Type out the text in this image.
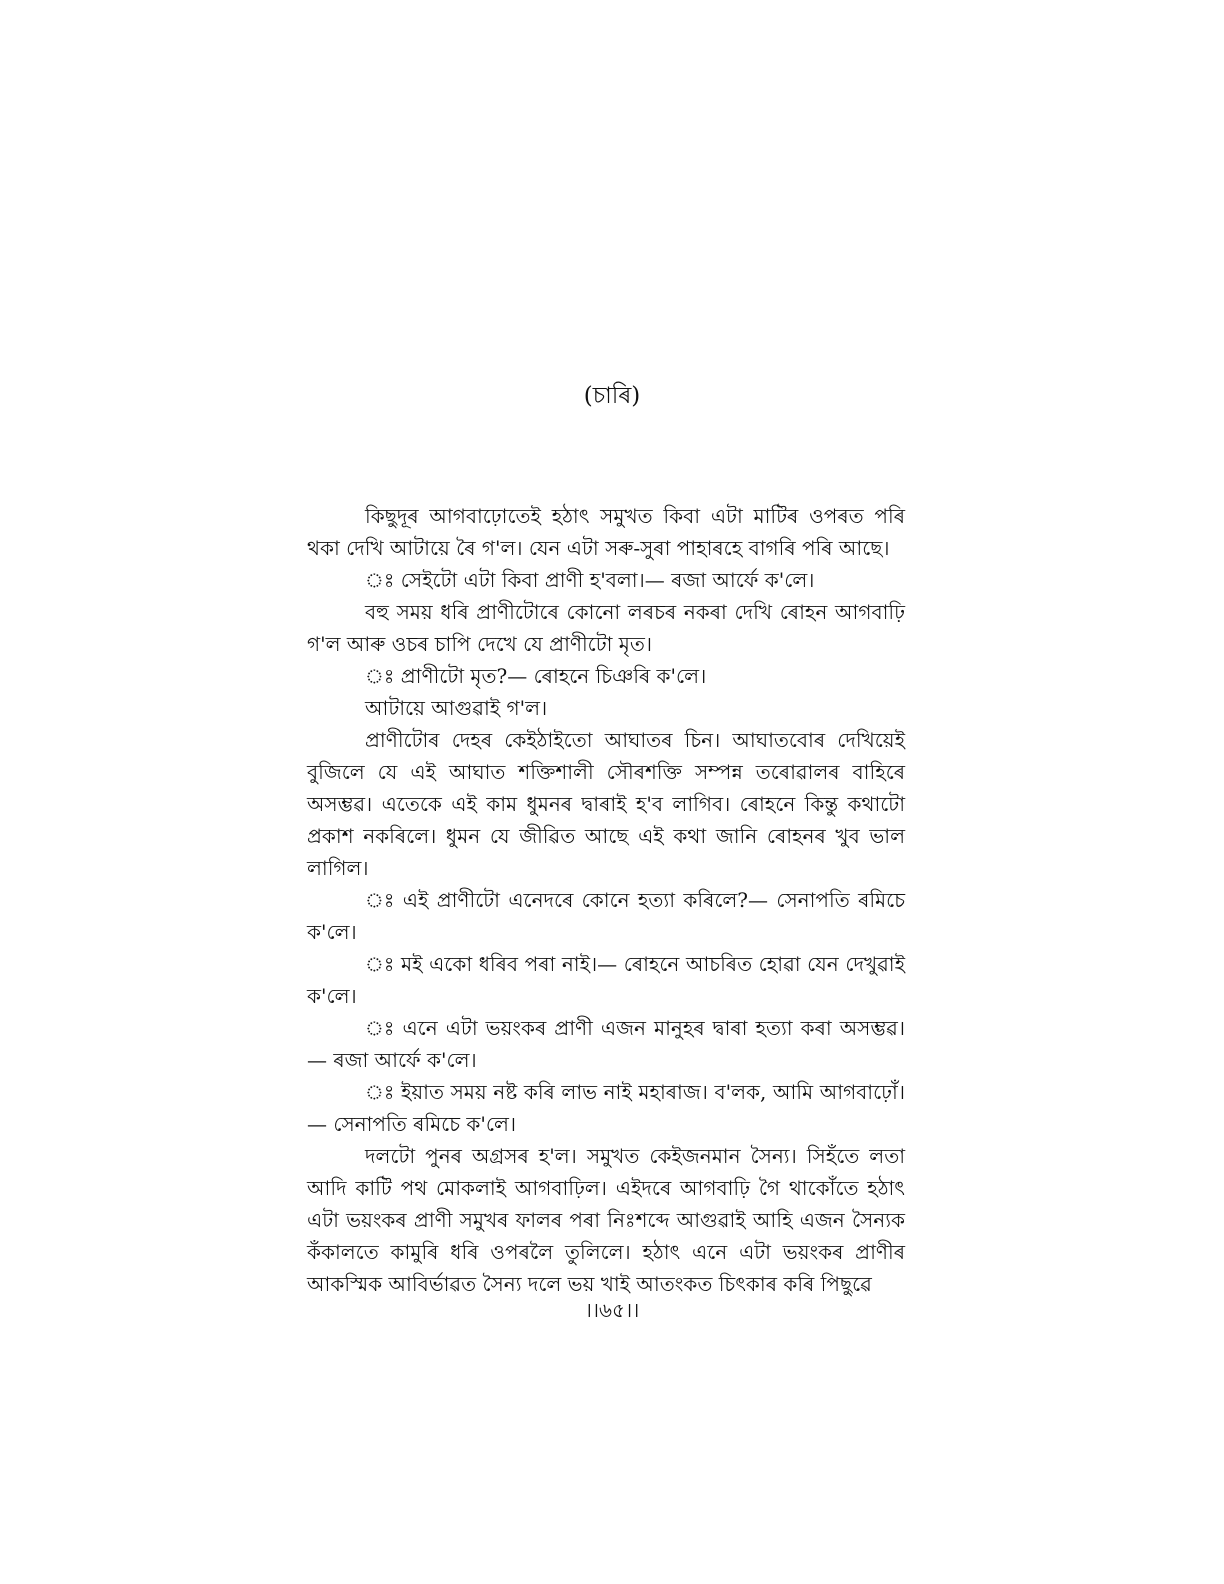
(চাৰি)

কিছুদূৰ আগবাঢ়োতেই হঠাৎ সমুখত কিবা এটা মাটিৰ ওপৰত পৰি থকা দেখি আটায়ে ৰৈ গ'ল। যেন এটা সৰু-সুৰা পাহাৰহে বাগৰি পৰি আছে।

ঃ সেইটো এটা কিবা প্ৰাণী হ'বলা।— ৰজা আৰ্ফে ক'লে।

বহু সময় ধৰি প্ৰাণীটোৰে কোনো লৰচৰ নকৰা দেখি ৰোহন আগবাঢ়ি গ'ল আৰু ওচৰ চাপি দেখে যে প্ৰাণীটো মৃত।

ঃ প্ৰাণীটো মৃত?— ৰোহনে চিঞৰি ক'লে।

আটায়ে আগুৱাই গ'ল।

প্ৰাণীটোৰ দেহৰ কেইঠাইতো আঘাতৰ চিন। আঘাতবোৰ দেখিয়েই বুজিলে যে এই আঘাত শক্তিশালী সৌৰশক্তি সম্পন্ন তৰোৱালৰ বাহিৰে অসম্ভৱ। এতেকে এই কাম ধুমনৰ দ্বাৰাই হ'ব লাগিব। ৰোহনে কিন্তু কথাটো প্ৰকাশ নকৰিলে। ধুমন যে জীৱিত আছে এই কথা জানি ৰোহনৰ খুব ভাল লাগিল।

ঃ এই প্ৰাণীটো এনেদৰে কোনে হত্যা কৰিলে?— সেনাপতি ৰমিচে ক'লে।

ঃ মই একো ধৰিব পৰা নাই।— ৰোহনে আচৰিত হোৱা যেন দেখুৱাই ক'লে।

ঃ এনে এটা ভয়ংকৰ প্ৰাণী এজন মানুহৰ দ্বাৰা হত্যা কৰা অসম্ভৱ।— ৰজা আৰ্ফে ক'লে।

ঃ ইয়াত সময় নষ্ট কৰি লাভ নাই মহাৰাজ। ব'লক, আমি আগবাঢ়োঁ।— সেনাপতি ৰমিচে ক'লে।

দলটো পুনৰ অগ্ৰসৰ হ'ল। সমুখত কেইজনমান সৈন্য। সিহঁতে লতা আদি কাটি পথ মোকলাই আগবাঢ়িল। এইদৰে আগবাঢ়ি গৈ থাকোঁতে হঠাৎ এটা ভয়ংকৰ প্ৰাণী সমুখৰ ফালৰ পৰা নিঃশব্দে আগুৱাই আহি এজন সৈন্যক কঁকালতে কামুৰি ধৰি ওপৰলৈ তুলিলে। হঠাৎ এনে এটা ভয়ংকৰ প্ৰাণীৰ আকস্মিক আবিৰ্ভাৱত সৈন্য দলে ভয় খাই আতংকত চিৎকাৰ কৰি পিছুৱে

।।৬৫।।
